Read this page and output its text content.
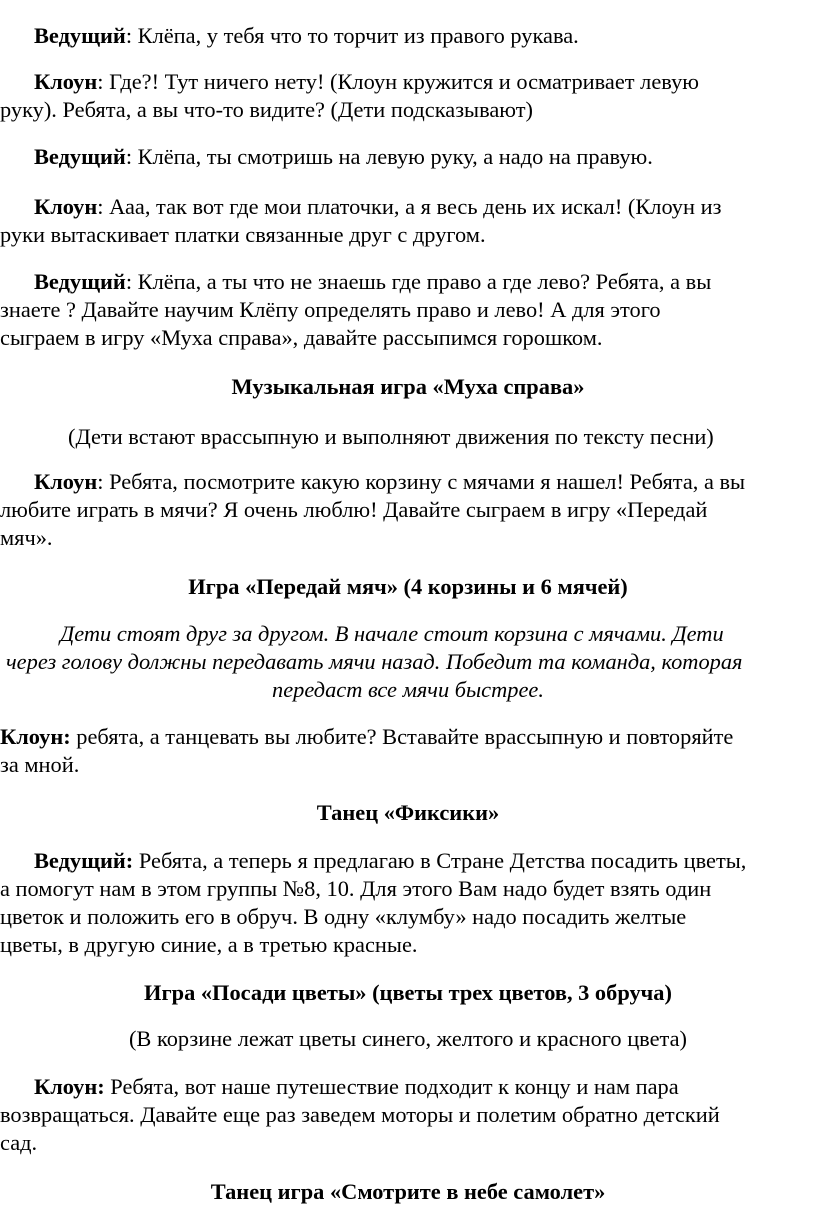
Ведущий: Клёпа, у тебя что то торчит из правого рукава.

Клоун: Где?! Тут ничего нету! (Клоун кружится и осматривает левую
руку). Ребята, а вы что-то видите? (Дети подсказывают)

Ведущий: Клёпа, ты смотришь на левую руку, а надо на правую.

Клоун: Ааа, так вот где мои платочки, а я весь день их искал! (Клоун из
руки вытаскивает платки связанные друг с другом.

Ведущий: Клёпа, а ты что не знаешь где право а где лево? Ребята, а вы
знаете ? Давайте научим Клёпу определять право и лево! А для этого
сыграем в игру «Муха справа», давайте рассыпимся горошком.

Музыкальная игра «Муха справа»

(Дети встают врассыпную и выполняют движения по тексту песни)

Клоун: Ребята, посмотрите какую корзину с мячами я нашел! Ребята, а вы
любите играть в мячи? Я очень люблю! Давайте сыграем в игру «Передай
мяч».

Игра «Передай мяч» (4 корзины и 6 мячей)

Дети стоят друг за другом. В начале стоит корзина с мячами. Дети
через голову должны передавать мячи назад. Победит та команда, которая
передаст все мячи быстрее.

Клоун: ребята, а танцевать вы любите? Вставайте врассыпную и повторяйте
за мной.

Танец «Фиксики»

Ведущий: Ребята, а теперь я предлагаю в Стране Детства посадить цветы,
а помогут нам в этом группы №8, 10. Для этого Вам надо будет взять один
цветок и положить его в обруч. В одну «клумбу» надо посадить желтые
цветы, в другую синие, а в третью красные.

Игра «Посади цветы» (цветы трех цветов, 3 обруча)

(В корзине лежат цветы синего, желтого и красного цвета)

Клоун: Ребята, вот наше путешествие подходит к концу и нам пара
возвращаться. Давайте еще раз заведем моторы и полетим обратно детский
сад.

Танец игра «Смотрите в небе самолет»
